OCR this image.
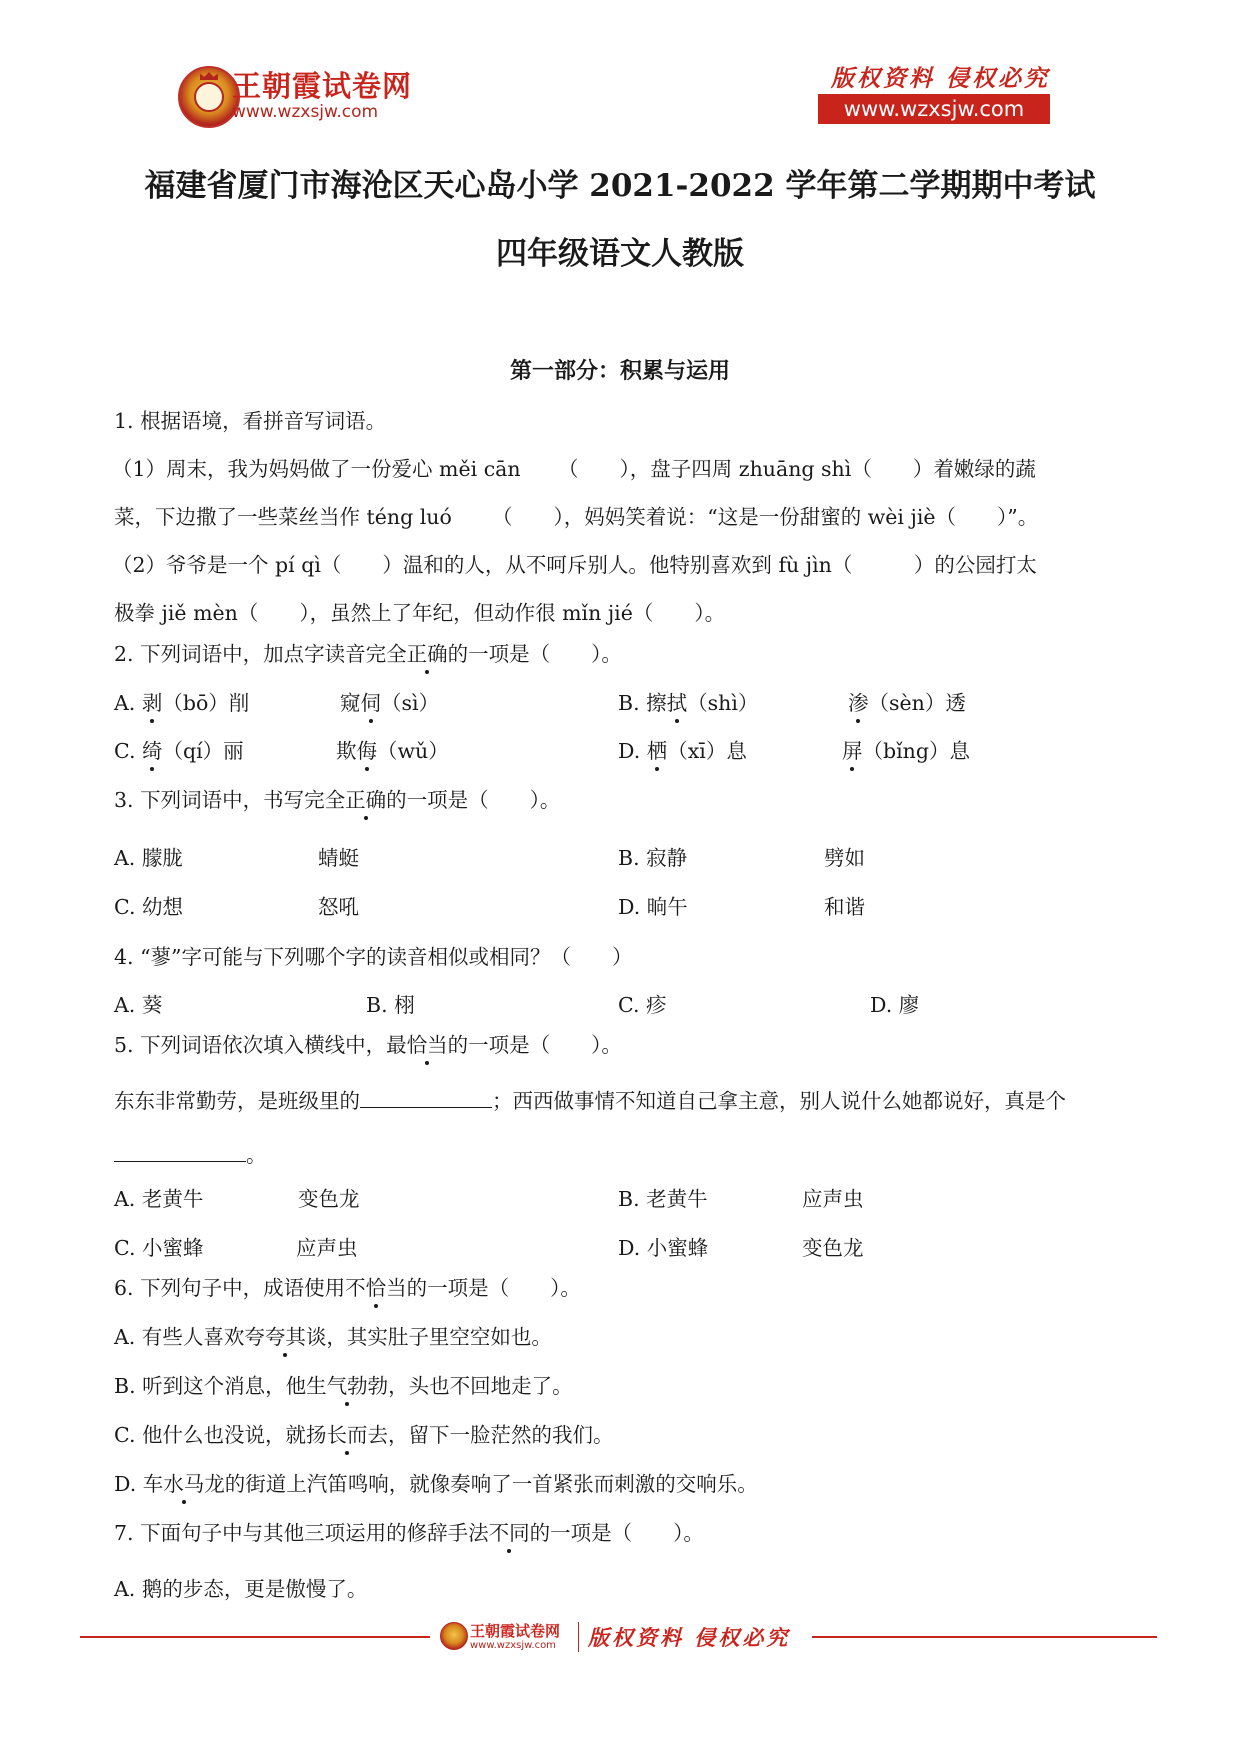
王朝霞试卷网
www.wzxsjw.com
版权资料 侵权必究
www.wzxsjw.com
福建省厦门市海沧区天心岛小学 2021-2022 学年第二学期期中考试
四年级语文人教版
第一部分：积累与运用
1. 根据语境，看拼音写词语。
（1）周末，我为妈妈做了一份爱心 měi cān （　　），盘子四周 zhuāng shì（　　）着嫩绿的蔬
菜，下边撒了一些菜丝当作 téng luó （　　），妈妈笑着说：“这是一份甜蜜的 wèi jiè（　　）”。
（2）爷爷是一个 pí qì（　　）温和的人，从不呵斥别人。他特别喜欢到 fù jìn（　　　）的公园打太
极拳 jiě mèn（　　），虽然上了年纪，但动作很 mǐn jié（　　）。
2. 下列词语中，加点字读音完全正确的一项是（　　）。
A. 剥（bō）削	窥伺（sì）	B. 擦拭（shì）	渗（sèn）透
C. 绮（qí）丽	欺侮（wǔ）	D. 栖（xī）息	屏（bǐng）息
3. 下列词语中，书写完全正确的一项是（　　）。
A. 朦胧	蜻蜓	B. 寂静	劈如
C. 幼想	怒吼	D. 晌午	和谐
4. “蓼”字可能与下列哪个字的读音相似或相同？（　　）
A. 葵	B. 栩	C. 疹	D. 廖
5. 下列词语依次填入横线中，最恰当的一项是（　　）。
东东非常勤劳，是班级里的	；西西做事情不知道自己拿主意，别人说什么她都说好，真是个
。
A. 老黄牛	变色龙	B. 老黄牛	应声虫
C. 小蜜蜂	应声虫	D. 小蜜蜂	变色龙
6. 下列句子中，成语使用不恰当的一项是（　　）。
A. 有些人喜欢夸夸其谈，其实肚子里空空如也。
B. 听到这个消息，他生气勃勃，头也不回地走了。
C. 他什么也没说，就扬长而去，留下一脸茫然的我们。
D. 车水马龙的街道上汽笛鸣响，就像奏响了一首紧张而刺激的交响乐。
7. 下面句子中与其他三项运用的修辞手法不同的一项是（　　）。
A. 鹅的步态，更是傲慢了。
王朝霞试卷网
www.wzxsjw.com 版权资料 侵权必究
